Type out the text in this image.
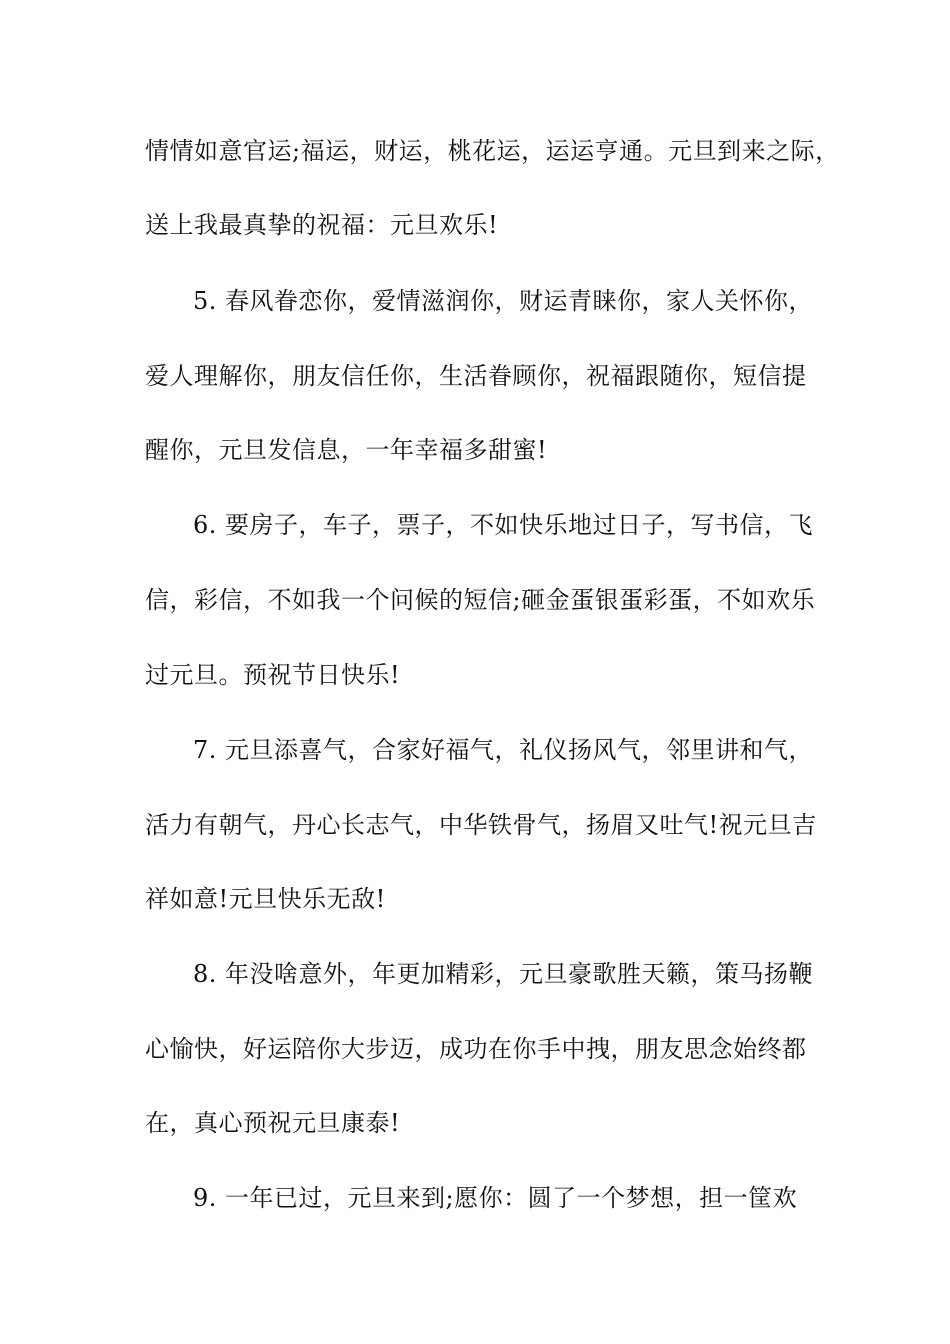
情情如意官运;福运，财运，桃花运，运运亨通。元旦到来之际，
送上我最真挚的祝福：元旦欢乐!
5. 春风眷恋你，爱情滋润你，财运青睐你，家人关怀你，
爱人理解你，朋友信任你，生活眷顾你，祝福跟随你，短信提
醒你，元旦发信息，一年幸福多甜蜜!
6. 要房子，车子，票子，不如快乐地过日子，写书信，飞
信，彩信，不如我一个问候的短信;砸金蛋银蛋彩蛋，不如欢乐
过元旦。预祝节日快乐!
7. 元旦添喜气，合家好福气，礼仪扬风气，邻里讲和气，
活力有朝气，丹心长志气，中华铁骨气，扬眉又吐气!祝元旦吉
祥如意!元旦快乐无敌!
8. 年没啥意外，年更加精彩，元旦豪歌胜天籁，策马扬鞭
心愉快，好运陪你大步迈，成功在你手中拽，朋友思念始终都
在，真心预祝元旦康泰!
9. 一年已过，元旦来到;愿你：圆了一个梦想，担一筐欢
